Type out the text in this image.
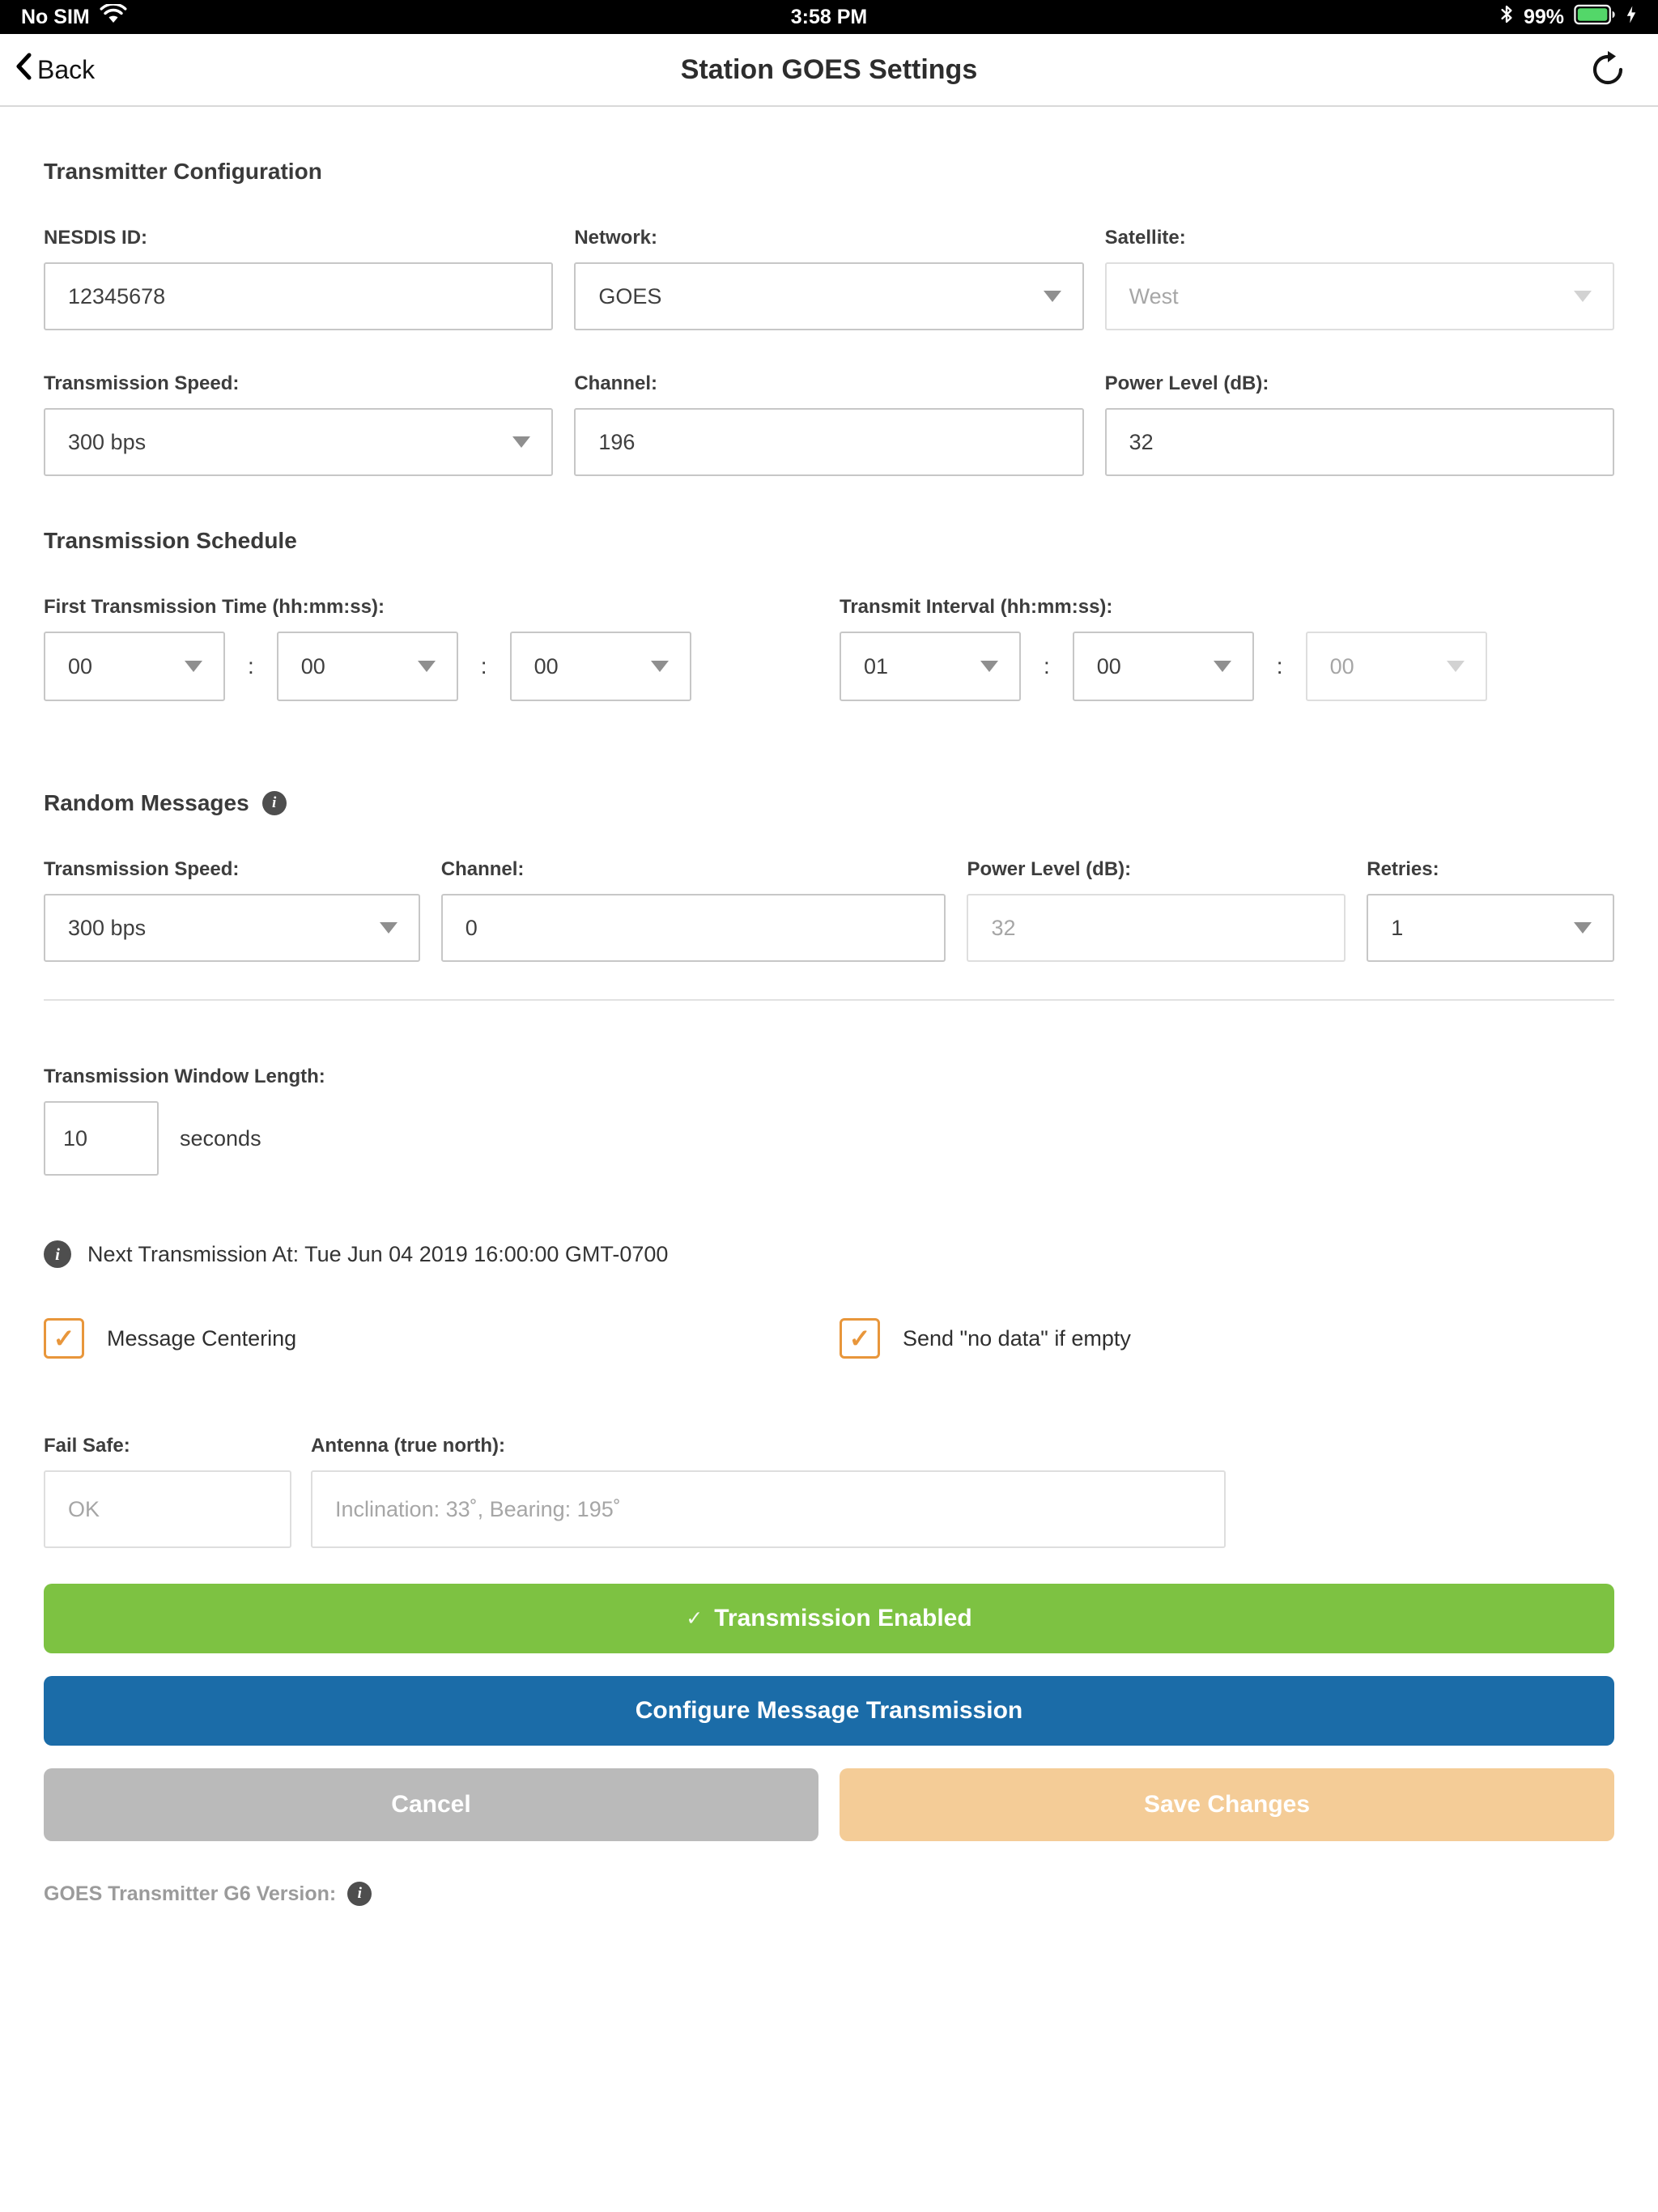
3:58 PM
No SIM	99%
Back	Station GOES Settings
Transmitter Configuration
NESDIS ID:
12345678
Network:
GOES
Satellite:
West
Transmission Speed:
300 bps
Channel:
196
Power Level (dB):
32
Transmission Schedule
First Transmission Time (hh:mm:ss):
00	: 00	: 00
Transmit Interval (hh:mm:ss):
01	: 00	: 00
Random Messages	i
Transmission Speed:
300 bps
Channel:
0
Power Level (dB):
32
Retries:
1
Transmission Window Length:
10	seconds
i	Next Transmission At: Tue Jun 04 2019 16:00:00 GMT-0700
✓	Message Centering	✓	Send "no data" if empty
Fail Safe:	Antenna (true north):
OK	Inclination: 33˚, Bearing: 195˚
✓ Transmission Enabled
Configure Message Transmission
Cancel	Save Changes
GOES Transmitter G6 Version:	i
